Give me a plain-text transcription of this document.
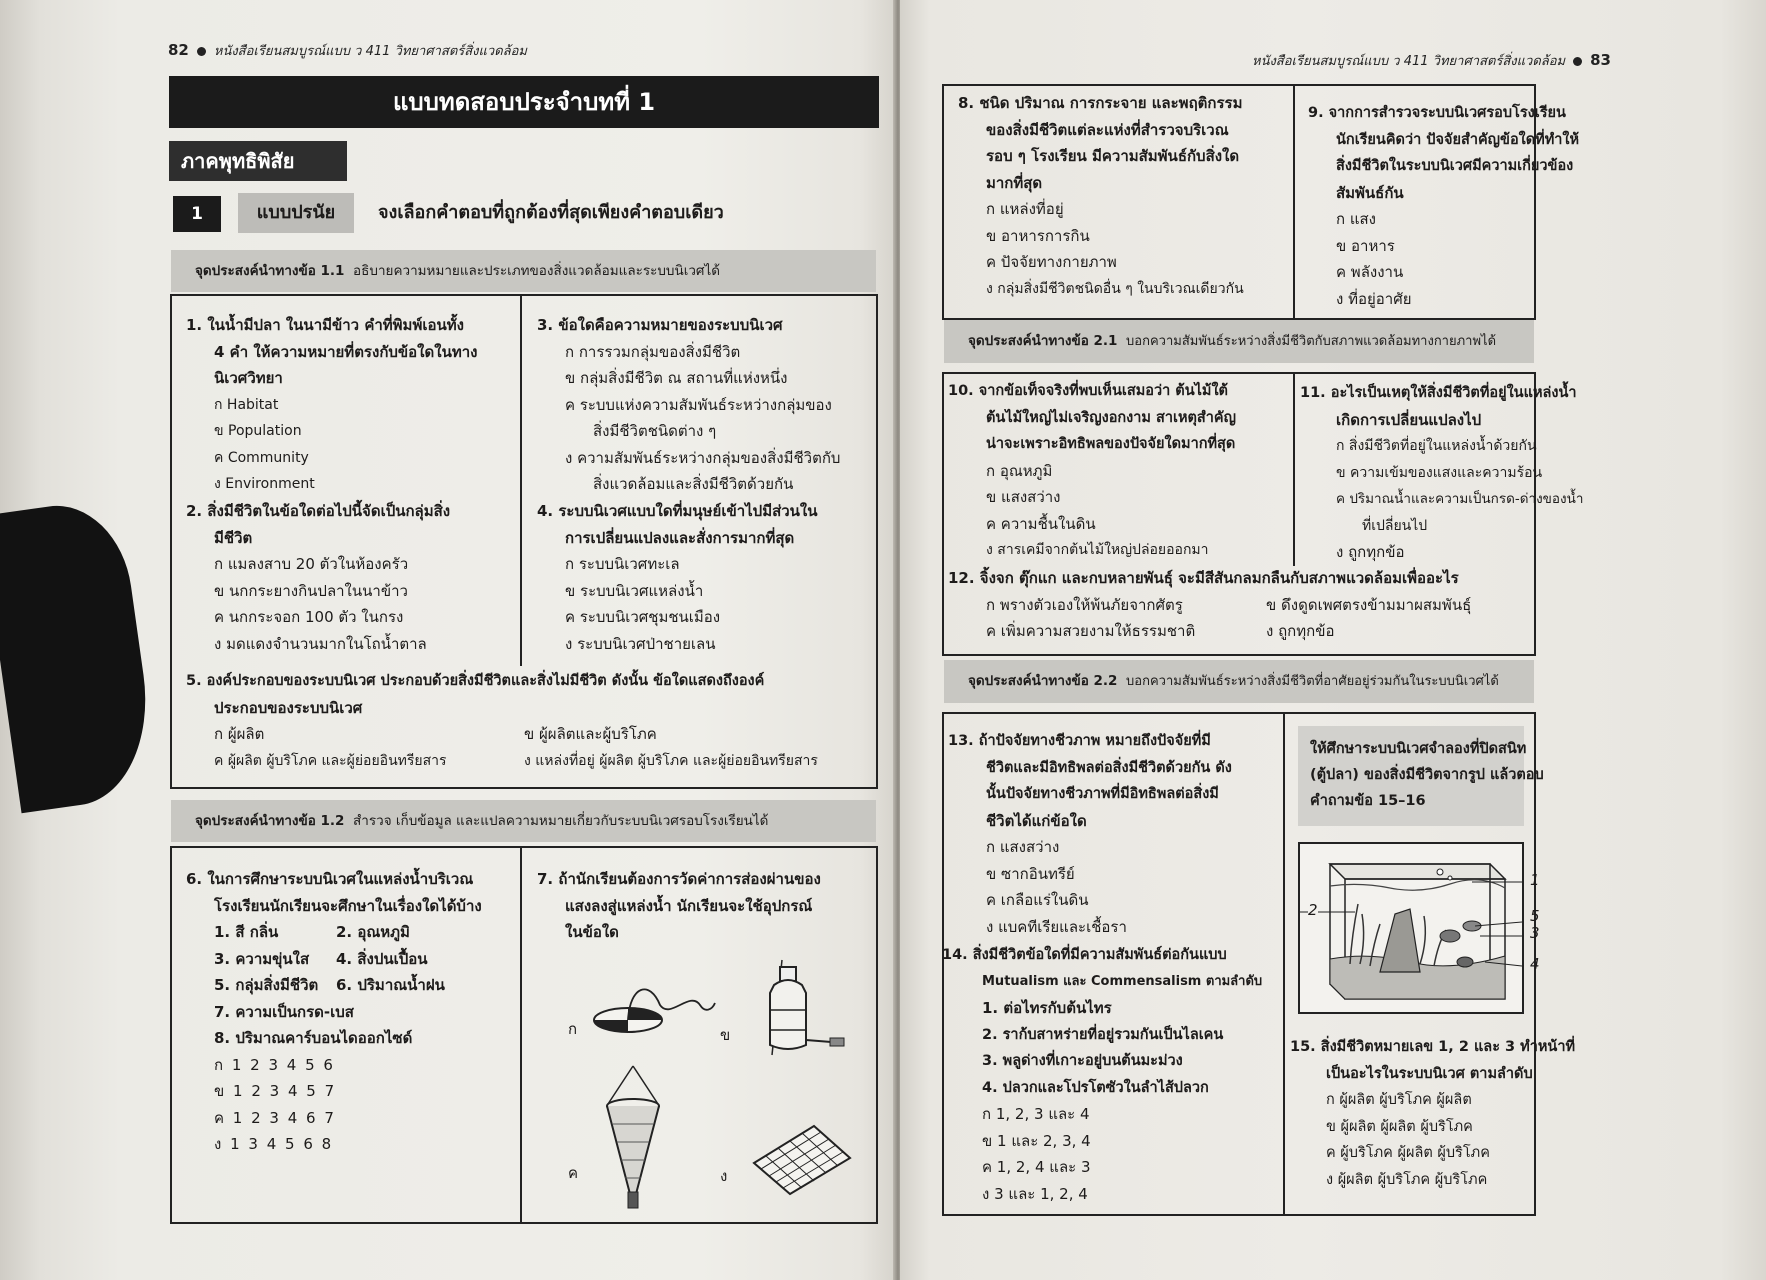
82 หนังสือเรียนสมบูรณ์แบบ ว 411 วิทยาศาสตร์สิ่งแวดล้อม
แบบทดสอบประจำบทที่ 1
ภาคพุทธิพิสัย
1	แบบปรนัย	จงเลือกคำตอบที่ถูกต้องที่สุดเพียงคำตอบเดียว
จุดประสงค์นำทางข้อ 1.1 อธิบายความหมายและประเภทของสิ่งแวดล้อมและระบบนิเวศได้
1. ในน้ำมีปลา ในนามีข้าว คำที่พิมพ์เอนทั้ง
4 คำ ให้ความหมายที่ตรงกับข้อใดในทาง
นิเวศวิทยา
ก Habitat
ข Population
ค Community
ง Environment
2. สิ่งมีชีวิตในข้อใดต่อไปนี้จัดเป็นกลุ่มสิ่ง
มีชีวิต
ก แมลงสาบ 20 ตัวในห้องครัว
ข นกกระยางกินปลาในนาข้าว
ค นกกระจอก 100 ตัว ในกรง
ง มดแดงจำนวนมากในโถน้ำตาล
3. ข้อใดคือความหมายของระบบนิเวศ
ก การรวมกลุ่มของสิ่งมีชีวิต
ข กลุ่มสิ่งมีชีวิต ณ สถานที่แห่งหนึ่ง
ค ระบบแห่งความสัมพันธ์ระหว่างกลุ่มของ
สิ่งมีชีวิตชนิดต่าง ๆ
ง ความสัมพันธ์ระหว่างกลุ่มของสิ่งมีชีวิตกับ
สิ่งแวดล้อมและสิ่งมีชีวิตด้วยกัน
4. ระบบนิเวศแบบใดที่มนุษย์เข้าไปมีส่วนใน
การเปลี่ยนแปลงและสั่งการมากที่สุด
ก ระบบนิเวศทะเล
ข ระบบนิเวศแหล่งน้ำ
ค ระบบนิเวศชุมชนเมือง
ง ระบบนิเวศป่าชายเลน
5. องค์ประกอบของระบบนิเวศ ประกอบด้วยสิ่งมีชีวิตและสิ่งไม่มีชีวิต ดังนั้น ข้อใดแสดงถึงองค์
ประกอบของระบบนิเวศ
ก ผู้ผลิต	ข ผู้ผลิตและผู้บริโภค
ค ผู้ผลิต ผู้บริโภค และผู้ย่อยอินทรียสาร	ง แหล่งที่อยู่ ผู้ผลิต ผู้บริโภค และผู้ย่อยอินทรียสาร
จุดประสงค์นำทางข้อ 1.2 สำรวจ เก็บข้อมูล และแปลความหมายเกี่ยวกับระบบนิเวศรอบโรงเรียนได้
6. ในการศึกษาระบบนิเวศในแหล่งน้ำบริเวณ
โรงเรียนนักเรียนจะศึกษาในเรื่องใดได้บ้าง
1. สี กลิ่น	2. อุณหภูมิ
3. ความขุ่นใส	4. สิ่งปนเปื้อน
5. กลุ่มสิ่งมีชีวิต	6. ปริมาณน้ำฝน
7. ความเป็นกรด-เบส
8. ปริมาณคาร์บอนไดออกไซด์
ก 1 2 3 4 5 6
ข 1 2 3 4 5 7
ค 1 2 3 4 6 7
ง 1 3 4 5 6 8
7. ถ้านักเรียนต้องการวัดค่าการส่องผ่านของ
แสงลงสู่แหล่งน้ำ นักเรียนจะใช้อุปกรณ์
ในข้อใด
ก	ข
ค	ง
หนังสือเรียนสมบูรณ์แบบ ว 411 วิทยาศาสตร์สิ่งแวดล้อม 83
8. ชนิด ปริมาณ การกระจาย และพฤติกรรม
ของสิ่งมีชีวิตแต่ละแห่งที่สำรวจบริเวณ
รอบ ๆ โรงเรียน มีความสัมพันธ์กับสิ่งใด
มากที่สุด
ก แหล่งที่อยู่
ข อาหารการกิน
ค ปัจจัยทางกายภาพ
ง กลุ่มสิ่งมีชีวิตชนิดอื่น ๆ ในบริเวณเดียวกัน
9. จากการสำรวจระบบนิเวศรอบโรงเรียน
นักเรียนคิดว่า ปัจจัยสำคัญข้อใดที่ทำให้
สิ่งมีชีวิตในระบบนิเวศมีความเกี่ยวข้อง
สัมพันธ์กัน
ก แสง
ข อาหาร
ค พลังงาน
ง ที่อยู่อาศัย
จุดประสงค์นำทางข้อ 2.1 บอกความสัมพันธ์ระหว่างสิ่งมีชีวิตกับสภาพแวดล้อมทางกายภาพได้
10. จากข้อเท็จจริงที่พบเห็นเสมอว่า ต้นไม้ใต้
ต้นไม้ใหญ่ไม่เจริญงอกงาม สาเหตุสำคัญ
น่าจะเพราะอิทธิพลของปัจจัยใดมากที่สุด
ก อุณหภูมิ
ข แสงสว่าง
ค ความชื้นในดิน
ง สารเคมีจากต้นไม้ใหญ่ปล่อยออกมา
11. อะไรเป็นเหตุให้สิ่งมีชีวิตที่อยู่ในแหล่งน้ำ
เกิดการเปลี่ยนแปลงไป
ก สิ่งมีชีวิตที่อยู่ในแหล่งน้ำด้วยกัน
ข ความเข้มของแสงและความร้อน
ค ปริมาณน้ำและความเป็นกรด-ด่างของน้ำ
ที่เปลี่ยนไป
ง ถูกทุกข้อ
12. จิ้งจก ตุ๊กแก และกบหลายพันธุ์ จะมีสีสันกลมกลืนกับสภาพแวดล้อมเพื่ออะไร
ก พรางตัวเองให้พ้นภัยจากศัตรู	ข ดึงดูดเพศตรงข้ามมาผสมพันธุ์
ค เพิ่มความสวยงามให้ธรรมชาติ	ง ถูกทุกข้อ
จุดประสงค์นำทางข้อ 2.2 บอกความสัมพันธ์ระหว่างสิ่งมีชีวิตที่อาศัยอยู่ร่วมกันในระบบนิเวศได้
13. ถ้าปัจจัยทางชีวภาพ หมายถึงปัจจัยที่มี
ชีวิตและมีอิทธิพลต่อสิ่งมีชีวิตด้วยกัน ดัง
นั้นปัจจัยทางชีวภาพที่มีอิทธิพลต่อสิ่งมี
ชีวิตได้แก่ข้อใด
ก แสงสว่าง
ข ซากอินทรีย์
ค เกลือแร่ในดิน
ง แบคทีเรียและเชื้อรา
14. สิ่งมีชีวิตข้อใดที่มีความสัมพันธ์ต่อกันแบบ
Mutualism และ Commensalism ตามลำดับ
1. ต่อไทรกับต้นไทร
2. ราก้บสาหร่ายที่อยู่รวมกันเป็นไลเคน
3. พลูด่างที่เกาะอยู่บนต้นมะม่วง
4. ปลวกและโปรโตซัวในลำไส้ปลวก
ก 1, 2, 3 และ 4
ข 1 และ 2, 3, 4
ค 1, 2, 4 และ 3
ง 3 และ 1, 2, 4
ให้ศึกษาระบบนิเวศจำลองที่ปิดสนิท
(ตู้ปลา) ของสิ่งมีชีวิตจากรูป แล้วตอบ
คำถามข้อ 15–16
1
2
3
4
5
15. สิ่งมีชีวิตหมายเลข 1, 2 และ 3 ทำหน้าที่
เป็นอะไรในระบบนิเวศ ตามลำดับ
ก ผู้ผลิต ผู้บริโภค ผู้ผลิต
ข ผู้ผลิต ผู้ผลิต ผู้บริโภค
ค ผู้บริโภค ผู้ผลิต ผู้บริโภค
ง ผู้ผลิต ผู้บริโภค ผู้บริโภค
